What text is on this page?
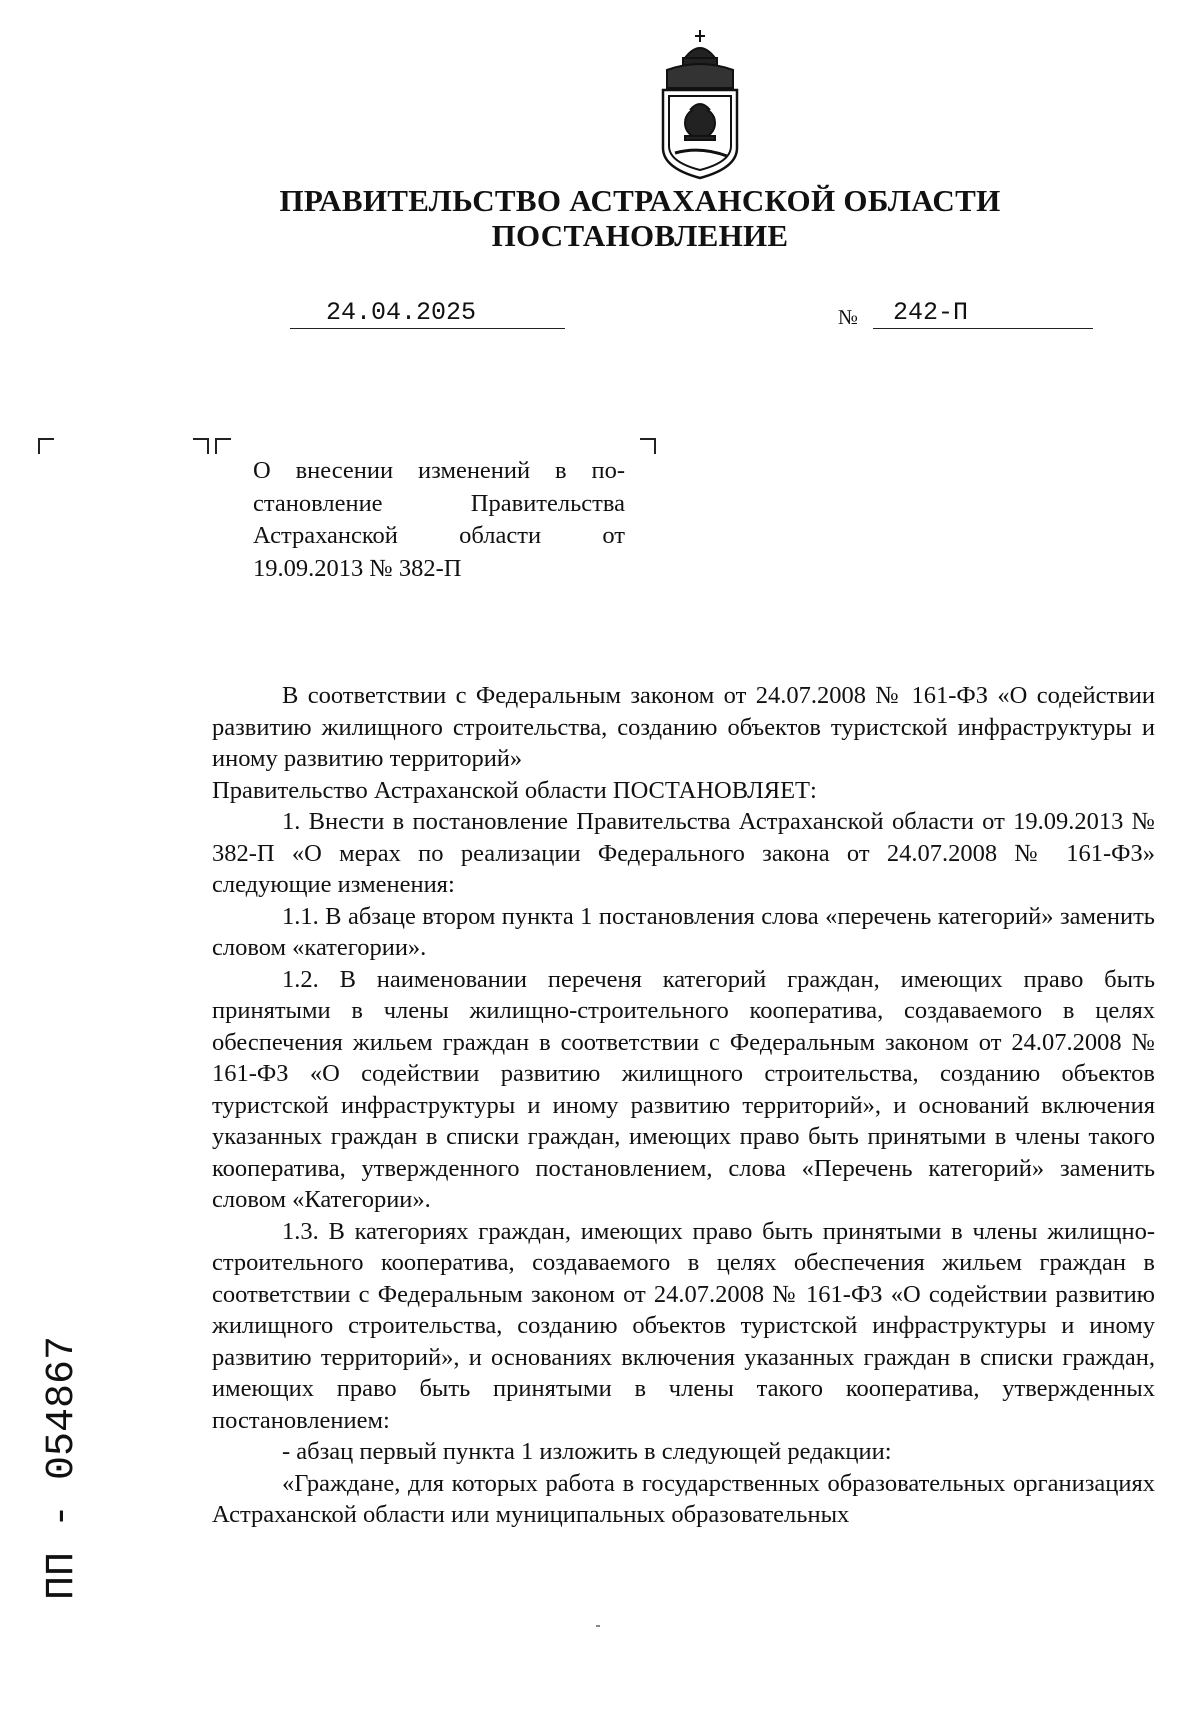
ПРАВИТЕЛЬСТВО АСТРАХАНСКОЙ ОБЛАСТИ
ПОСТАНОВЛЕНИЕ
24.04.2025	№	242-П
О внесении изменений в по-
становление Правительства
Астраханской области от
19.09.2013 № 382-П

В соответствии с Федеральным законом от 24.07.2008 № 161-ФЗ «О содействии развитию жилищного строительства, созданию объектов туристской инфраструктуры и иному развитию территорий»

Правительство Астраханской области ПОСТАНОВЛЯЕТ:

1. Внести в постановление Правительства Астраханской области от 19.09.2013 № 382-П «О мерах по реализации Федерального закона от 24.07.2008 № 161-ФЗ» следующие изменения:

1.1. В абзаце втором пункта 1 постановления слова «перечень категорий» заменить словом «категории».

1.2. В наименовании переченя категорий граждан, имеющих право быть принятыми в члены жилищно-строительного кооператива, создаваемого в целях обеспечения жильем граждан в соответствии с Федеральным законом от 24.07.2008 № 161-ФЗ «О содействии развитию жилищного строительства, созданию объектов туристской инфраструктуры и иному развитию территорий», и оснований включения указанных граждан в списки граждан, имеющих право быть принятыми в члены такого кооператива, утвержденного постановлением, слова «Перечень категорий» заменить словом «Категории».

1.3. В категориях граждан, имеющих право быть принятыми в члены жилищно-строительного кооператива, создаваемого в целях обеспечения жильем граждан в соответствии с Федеральным законом от 24.07.2008 № 161-ФЗ «О содействии развитию жилищного строительства, созданию объектов туристской инфраструктуры и иному развитию территорий», и основаниях включения указанных граждан в списки граждан, имеющих право быть принятыми в члены такого кооператива, утвержденных постановлением:

- абзац первый пункта 1 изложить в следующей редакции:

«Граждане, для которых работа в государственных образовательных организациях Астраханской области или муниципальных образовательных

ПП - 054867
